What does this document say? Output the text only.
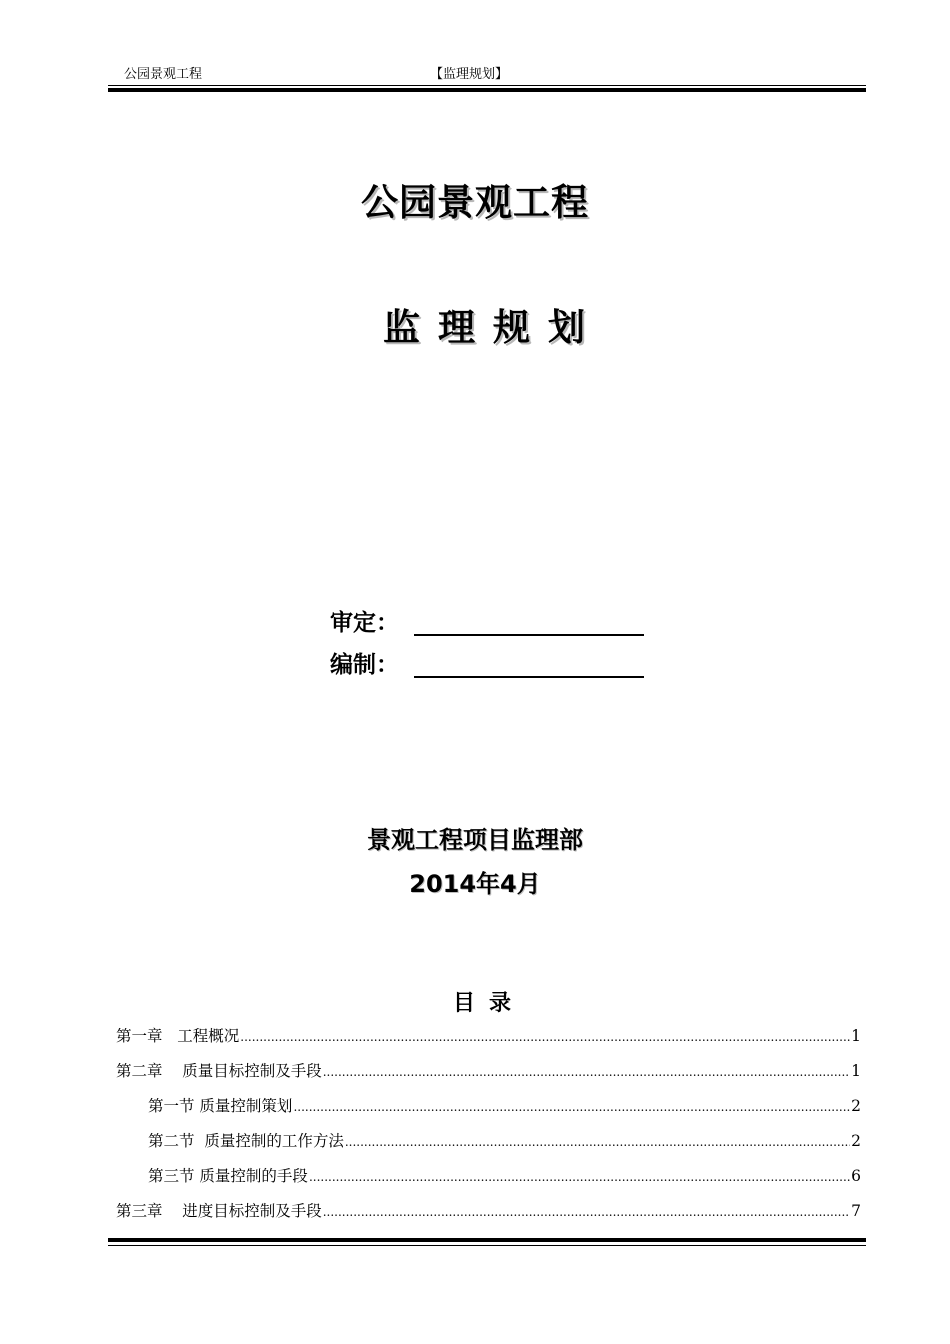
公园景观工程	【监理规划】
公园景观工程
监理规划
审定：
编制：
景观工程项目监理部
2014年4月
目录
第一章   工程概况 .....	1
第二章    质量目标控制及手段 .....	1
第一节 质量控制策划 .....	2
第二节  质量控制的工作方法 .....	2
第三节 质量控制的手段 .....	6
第三章    进度目标控制及手段 .....	7
